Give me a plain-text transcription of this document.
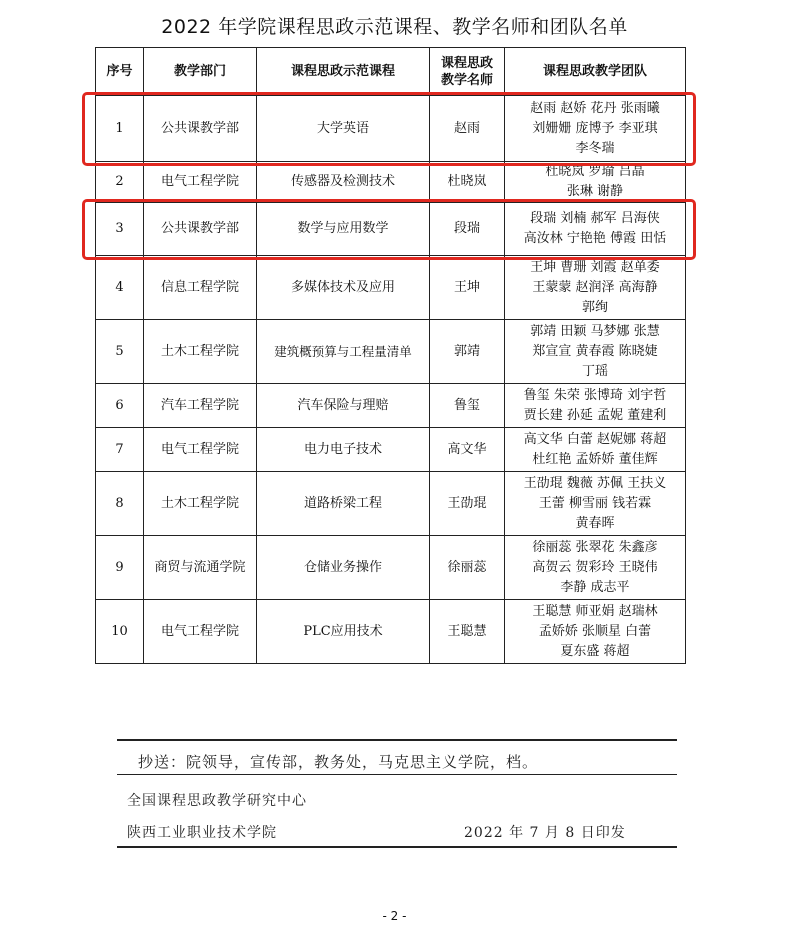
2022 年学院课程思政示范课程、教学名师和团队名单
序号	教学部门	课程思政示范课程	课程思政
教学名师	课程思政教学团队
1	公共课教学部	大学英语	赵雨	赵雨 赵娇 花丹 张雨曦
刘姗姗 庞博予 李亚琪
李冬瑞
2	电气工程学院	传感器及检测技术	杜晓岚	杜晓岚 罗瑜 吕晶
张琳 谢静
3	公共课教学部	数学与应用数学	段瑞	段瑞 刘楠 郝军 吕海侠
高汝林 宁艳艳 傅霞 田恬
4	信息工程学院	多媒体技术及应用	王坤	王坤 曹珊 刘霞 赵单委
王蒙蒙 赵润泽 高海静
郭绚
5	土木工程学院	建筑概预算与工程量清单	郭靖	郭靖 田颖 马梦娜 张慧
郑宣宣 黄春霞 陈晓婕
丁瑶
6	汽车工程学院	汽车保险与理赔	鲁玺	鲁玺 朱荣 张博琦 刘宇哲
贾长建 孙延 孟妮 董建利
7	电气工程学院	电力电子技术	高文华	高文华 白蕾 赵妮娜 蒋超
杜红艳 孟娇娇 董佳辉
8	土木工程学院	道路桥梁工程	王劭琨	王劭琨 魏薇 苏佩 王扶义
王蕾 柳雪丽 钱若霖
黄春晖
9	商贸与流通学院	仓储业务操作	徐丽蕊	徐丽蕊 张翠花 朱鑫彦
高贺云 贺彩玲 王晓伟
李静 成志平
10	电气工程学院	PLC应用技术	王聪慧	王聪慧 师亚娟 赵瑞林
孟娇娇 张顺星 白蕾
夏东盛 蒋超
抄送：院领导，宣传部，教务处，马克思主义学院，档。
全国课程思政教学研究中心
陕西工业职业技术学院	2022 年 7 月 8 日印发
- 2 -
